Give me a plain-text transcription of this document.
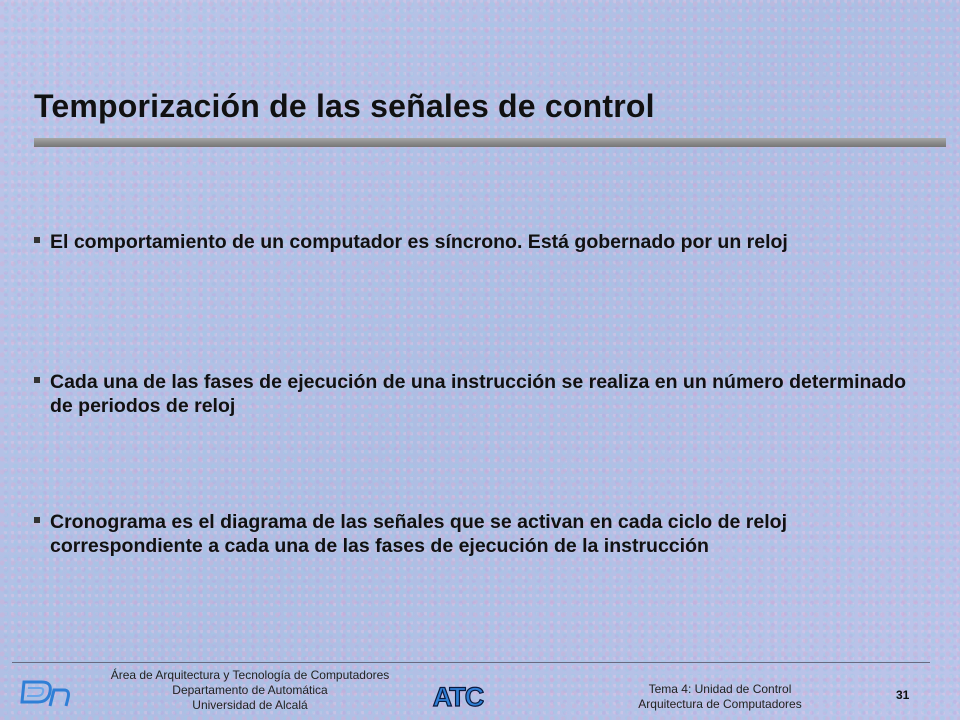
Temporización de las señales de control
El comportamiento de un computador es síncrono. Está gobernado por un reloj
Cada una de las fases de ejecución de una instrucción se realiza en un número determinado de periodos de reloj
Cronograma es el diagrama de las señales que se activan en cada ciclo de reloj correspondiente a cada una de las fases de ejecución de la instrucción
Área de Arquitectura y Tecnología de Computadores
Departamento de Automática
Universidad de Alcalá	ATC	Tema 4: Unidad de Control
Arquitectura de Computadores
31
